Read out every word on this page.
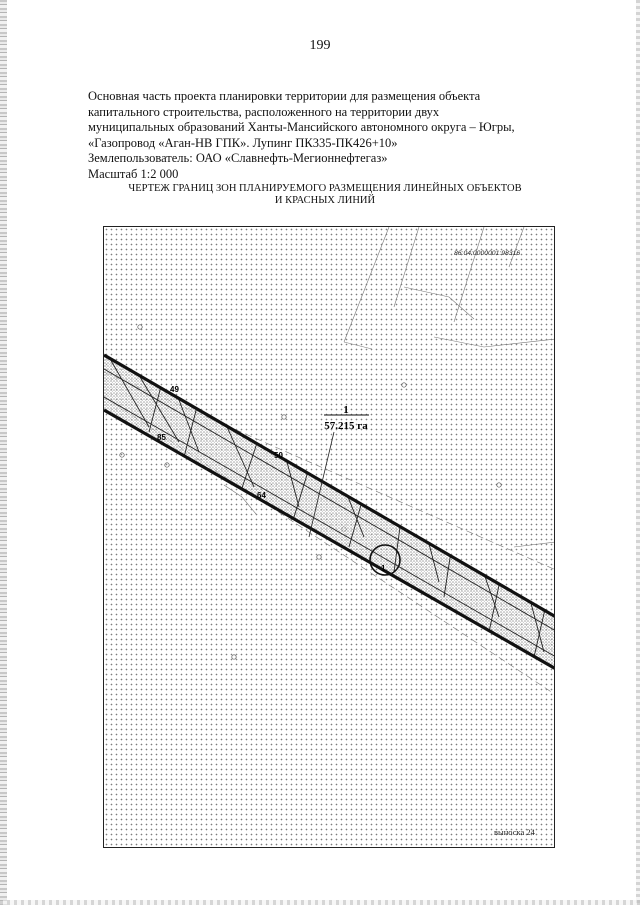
199
Основная часть проекта планировки территории для размещения объекта
капитального строительства, расположенного на территории двух
муниципальных образований Ханты-Мансийского автономного округа – Югры,
«Газопровод «Аган-НВ ГПК». Лупинг ПК335-ПК426+10»
Землепользователь: ОАО «Славнефть-Мегионнефтегаз»
Масштаб 1:2 000
ЧЕРТЕЖ ГРАНИЦ ЗОН ПЛАНИРУЕМОГО РАЗМЕЩЕНИЯ ЛИНЕЙНЫХ ОБЪЕКТОВ
И КРАСНЫХ ЛИНИЙ
49
85
50
64
86:04:0000001:98316
1
57.215 га
1
выноска 24
